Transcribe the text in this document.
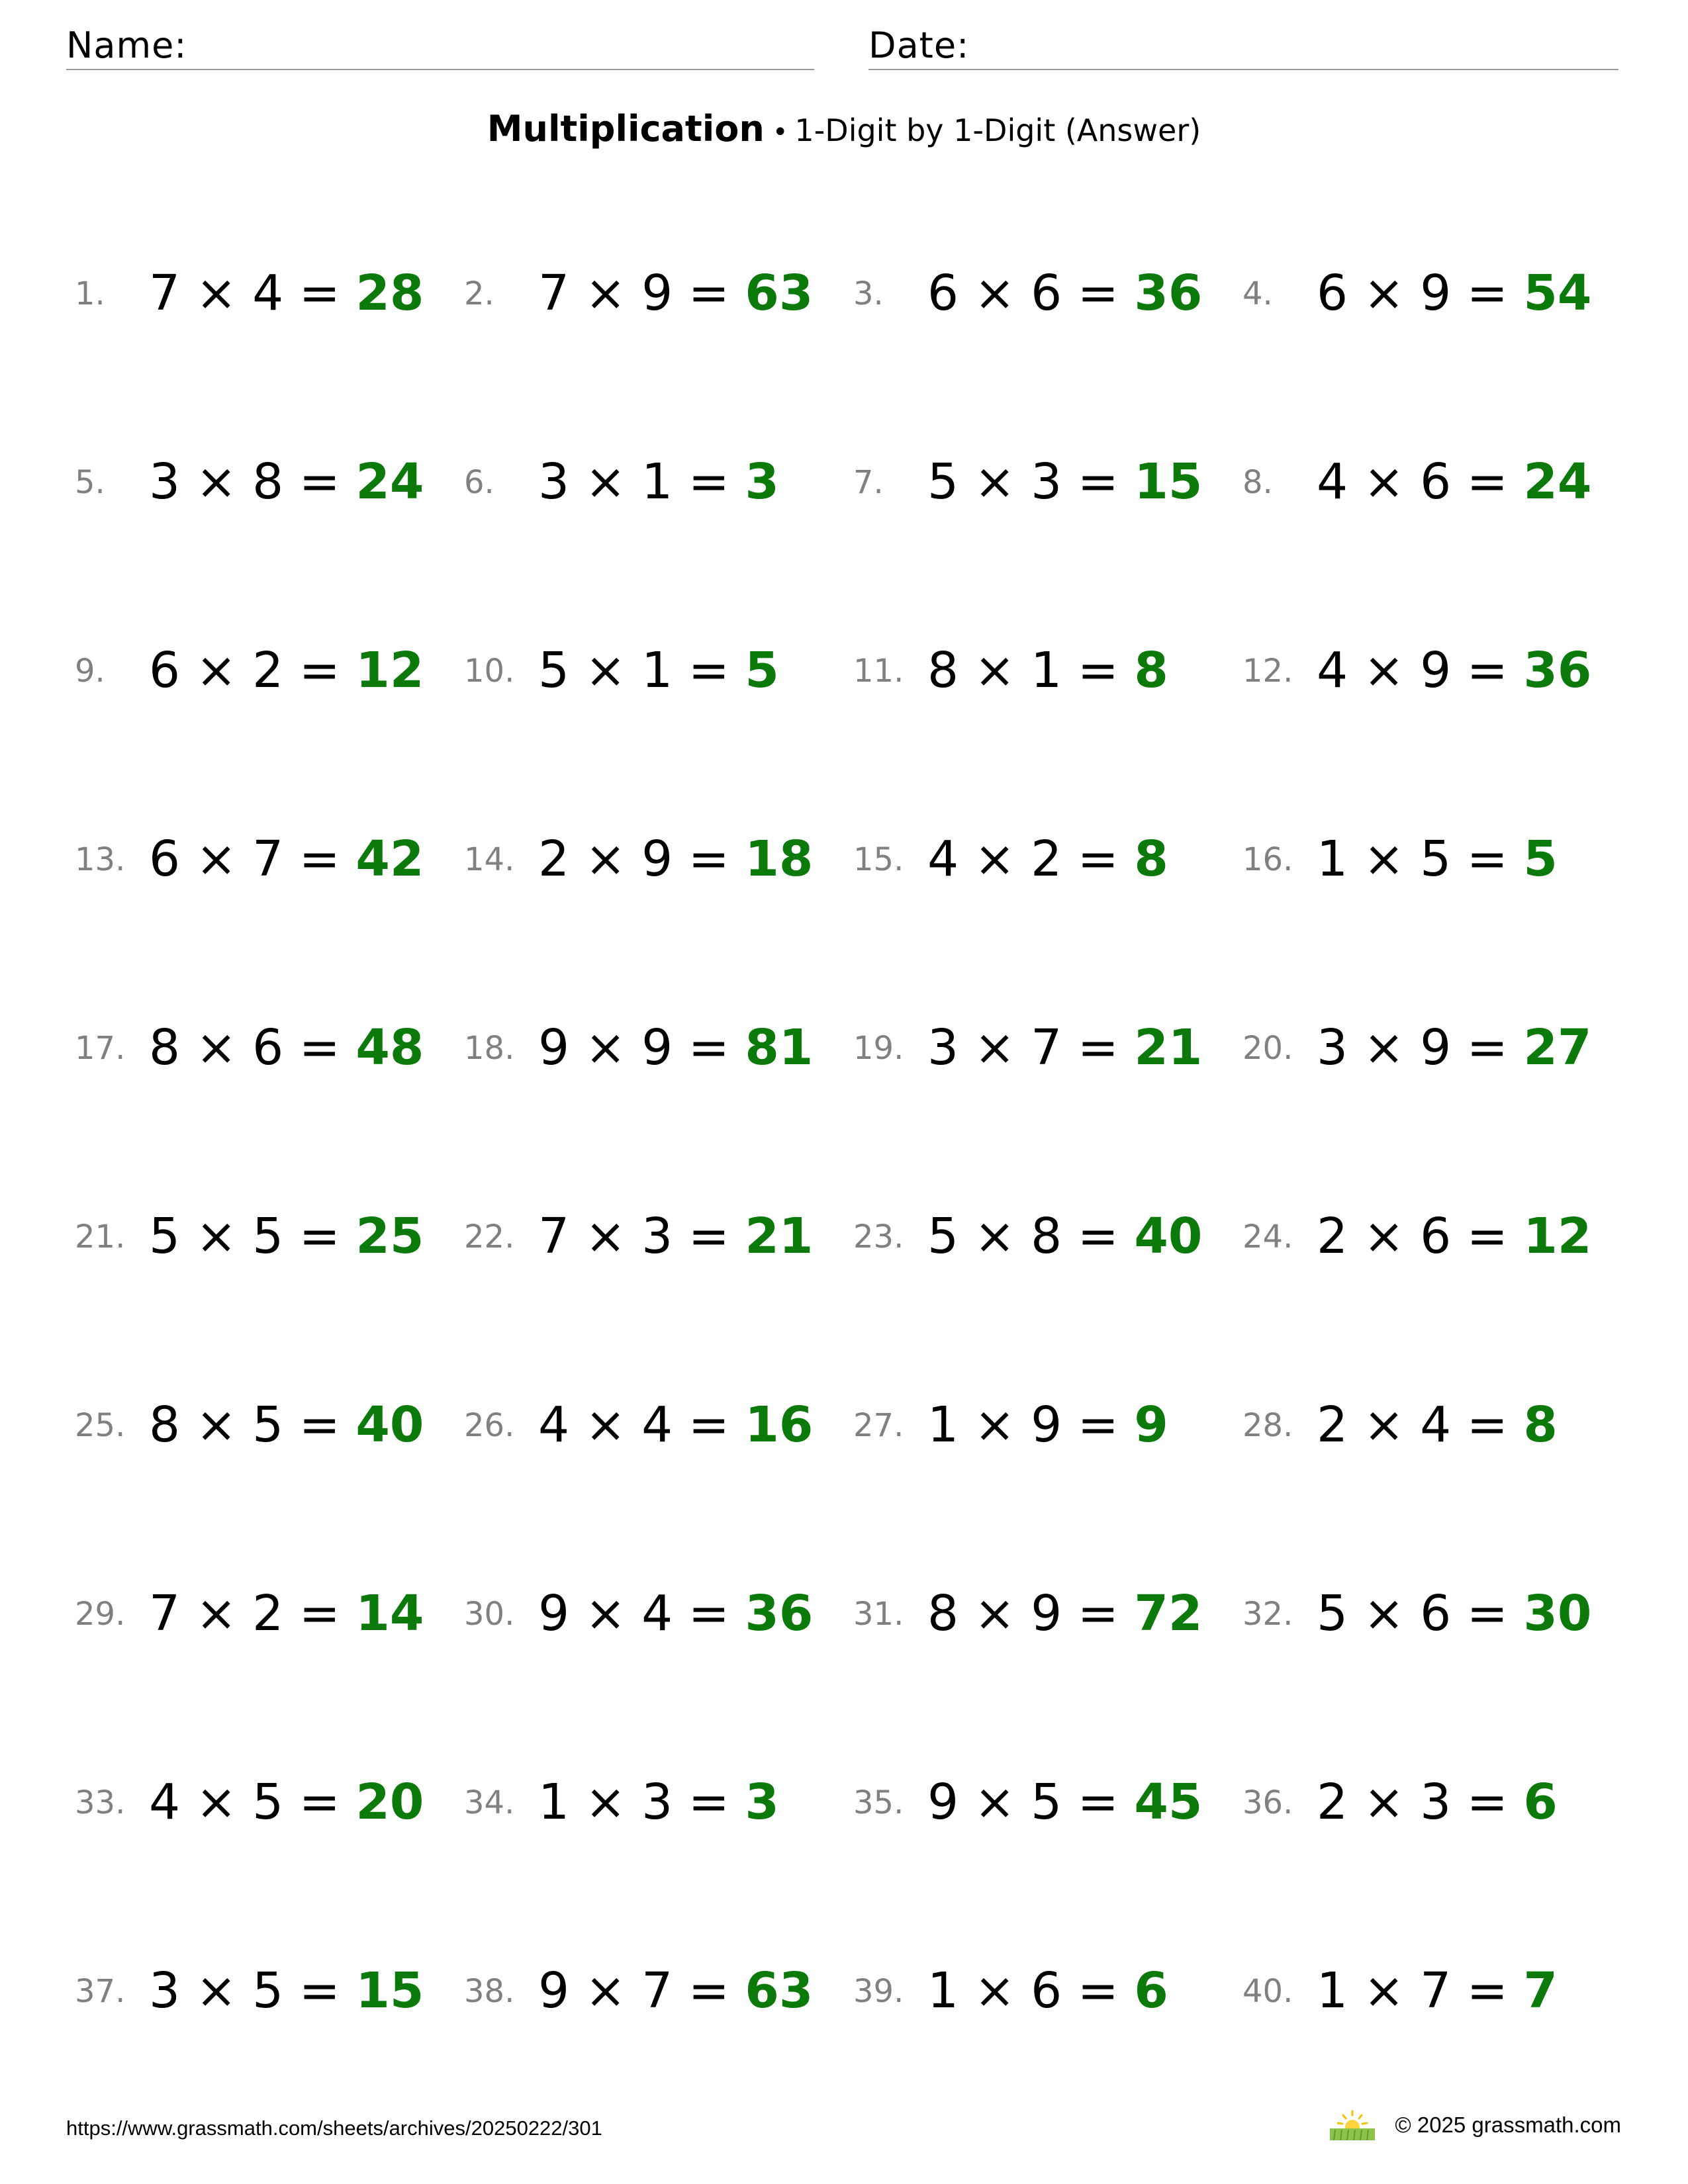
Name:	Date:
Multiplication • 1-Digit by 1-Digit (Answer)
1. 7 × 4 = 28 2. 7 × 9 = 63 3. 6 × 6 = 36 4. 6 × 9 = 54
5. 3 × 8 = 24 6. 3 × 1 = 3 7. 5 × 3 = 15 8. 4 × 6 = 24
9. 6 × 2 = 12 10. 5 × 1 = 5 11. 8 × 1 = 8 12. 4 × 9 = 36
13. 6 × 7 = 42 14. 2 × 9 = 18 15. 4 × 2 = 8 16. 1 × 5 = 5
17. 8 × 6 = 48 18. 9 × 9 = 81 19. 3 × 7 = 21 20. 3 × 9 = 27
21. 5 × 5 = 25 22. 7 × 3 = 21 23. 5 × 8 = 40 24. 2 × 6 = 12
25. 8 × 5 = 40 26. 4 × 4 = 16 27. 1 × 9 = 9 28. 2 × 4 = 8
29. 7 × 2 = 14 30. 9 × 4 = 36 31. 8 × 9 = 72 32. 5 × 6 = 30
33. 4 × 5 = 20 34. 1 × 3 = 3 35. 9 × 5 = 45 36. 2 × 3 = 6
37. 3 × 5 = 15 38. 9 × 7 = 63 39. 1 × 6 = 6 40. 1 × 7 = 7
https://www.grassmath.com/sheets/archives/20250222/301	© 2025 grassmath.com
